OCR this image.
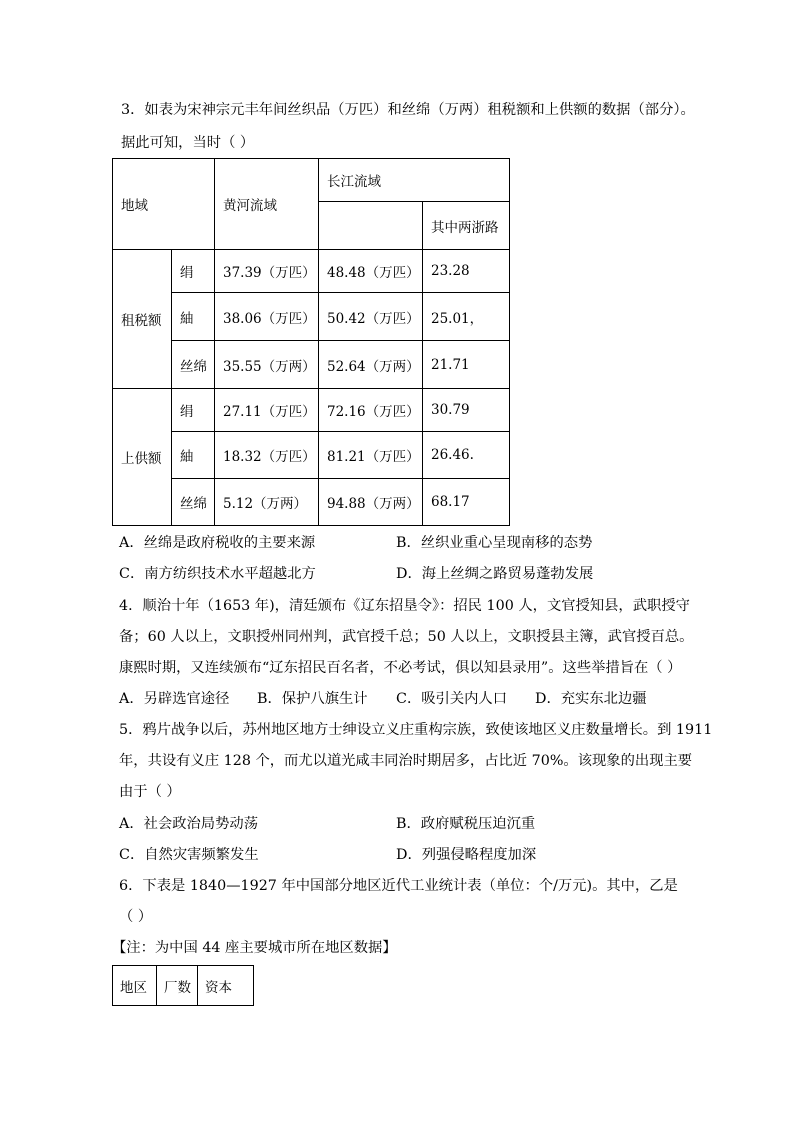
3．如表为宋神宗元丰年间丝织品（万匹）和丝绵（万两）租税额和上供额的数据（部分）。
据此可知，当时（ ）
地域		黄河流域	长江流域	
				其中两浙路
租税额	绢	37.39（万匹）	48.48（万匹）	23.28
	紬	38.06（万匹）	50.42（万匹）	25.01，
	丝绵	35.55（万两）	52.64（万两）	21.71
上供额	绢	27.11（万匹）	72.16（万匹）	30.79
	紬	18.32（万匹）	81.21（万匹）	26.46.
	丝绵	5.12（万两）	94.88（万两）	68.17
A．丝绵是政府税收的主要来源	B．丝织业重心呈现南移的态势
C．南方纺织技术水平超越北方	D．海上丝绸之路贸易蓬勃发展
4．顺治十年（1653 年)，清廷颁布《辽东招垦令》：招民 100 人，文官授知县，武职授守
备；60 人以上，文职授州同州判，武官授千总；50 人以上，文职授县主簿，武官授百总。
康熙时期，又连续颁布“辽东招民百名者，不必考试，俱以知县录用”。这些举措旨在（ ）
A．另辟选官途径 B．保护八旗生计 C．吸引关内人口 D．充实东北边疆
5．鸦片战争以后，苏州地区地方士绅设立义庄重构宗族，致使该地区义庄数量增长。到 1911
年，共设有义庄 128 个，而尤以道光咸丰同治时期居多，占比近 70%。该现象的出现主要
由于（ ）
A．社会政治局势动荡	B．政府赋税压迫沉重
C．自然灾害频繁发生	D．列强侵略程度加深
6．下表是 1840—1927 年中国部分地区近代工业统计表（单位：个/万元)。其中，乙是
（ ）
【注：为中国 44 座主要城市所在地区数据】
地区	厂数	资本
